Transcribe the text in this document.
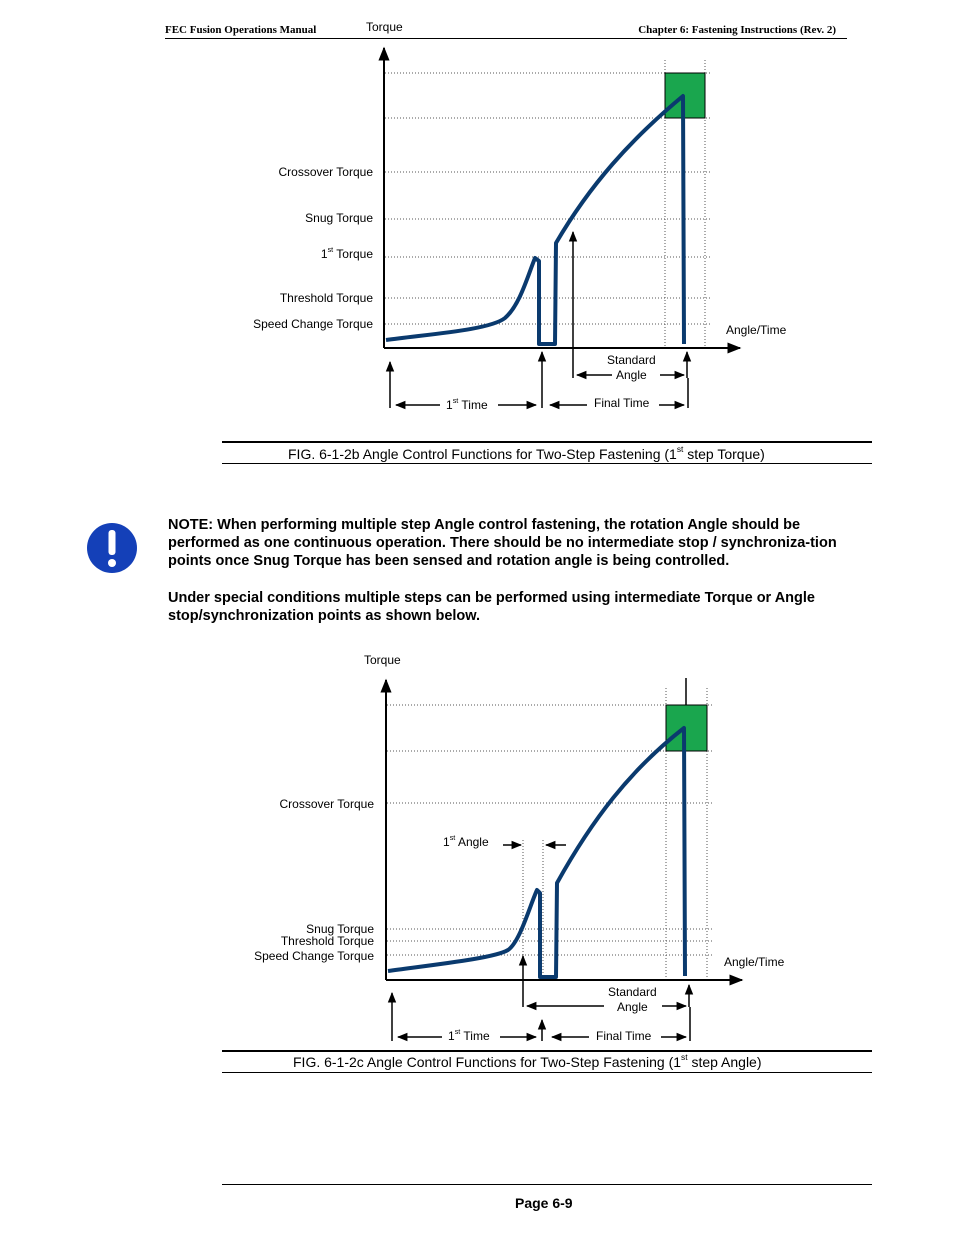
FEC Fusion Operations Manual	Chapter 6: Fastening Instructions (Rev. 2)
Torque
Crossover Torque
Snug Torque
1st Torque
Threshold Torque
Speed Change Torque	Angle/Time
Standard
Angle
1st Time	Final Time
FIG. 6-1-2b Angle Control Functions for Two-Step Fastening (1st step Torque)
NOTE: When performing multiple step Angle control fastening, the rotation Angle should be performed as one continuous operation. There should be no intermediate stop / synchroniza-tion points once Snug Torque has been sensed and rotation angle is being controlled.
Under special conditions multiple steps can be performed using intermediate Torque or Angle stop/synchronization points as shown below.
Torque
Crossover Torque
1st Angle
Snug Torque
Threshold Torque
Speed Change Torque	Angle/Time
Standard
Angle
1st Time	Final Time
FIG. 6-1-2c Angle Control Functions for Two-Step Fastening (1st step Angle)
Page 6-9
